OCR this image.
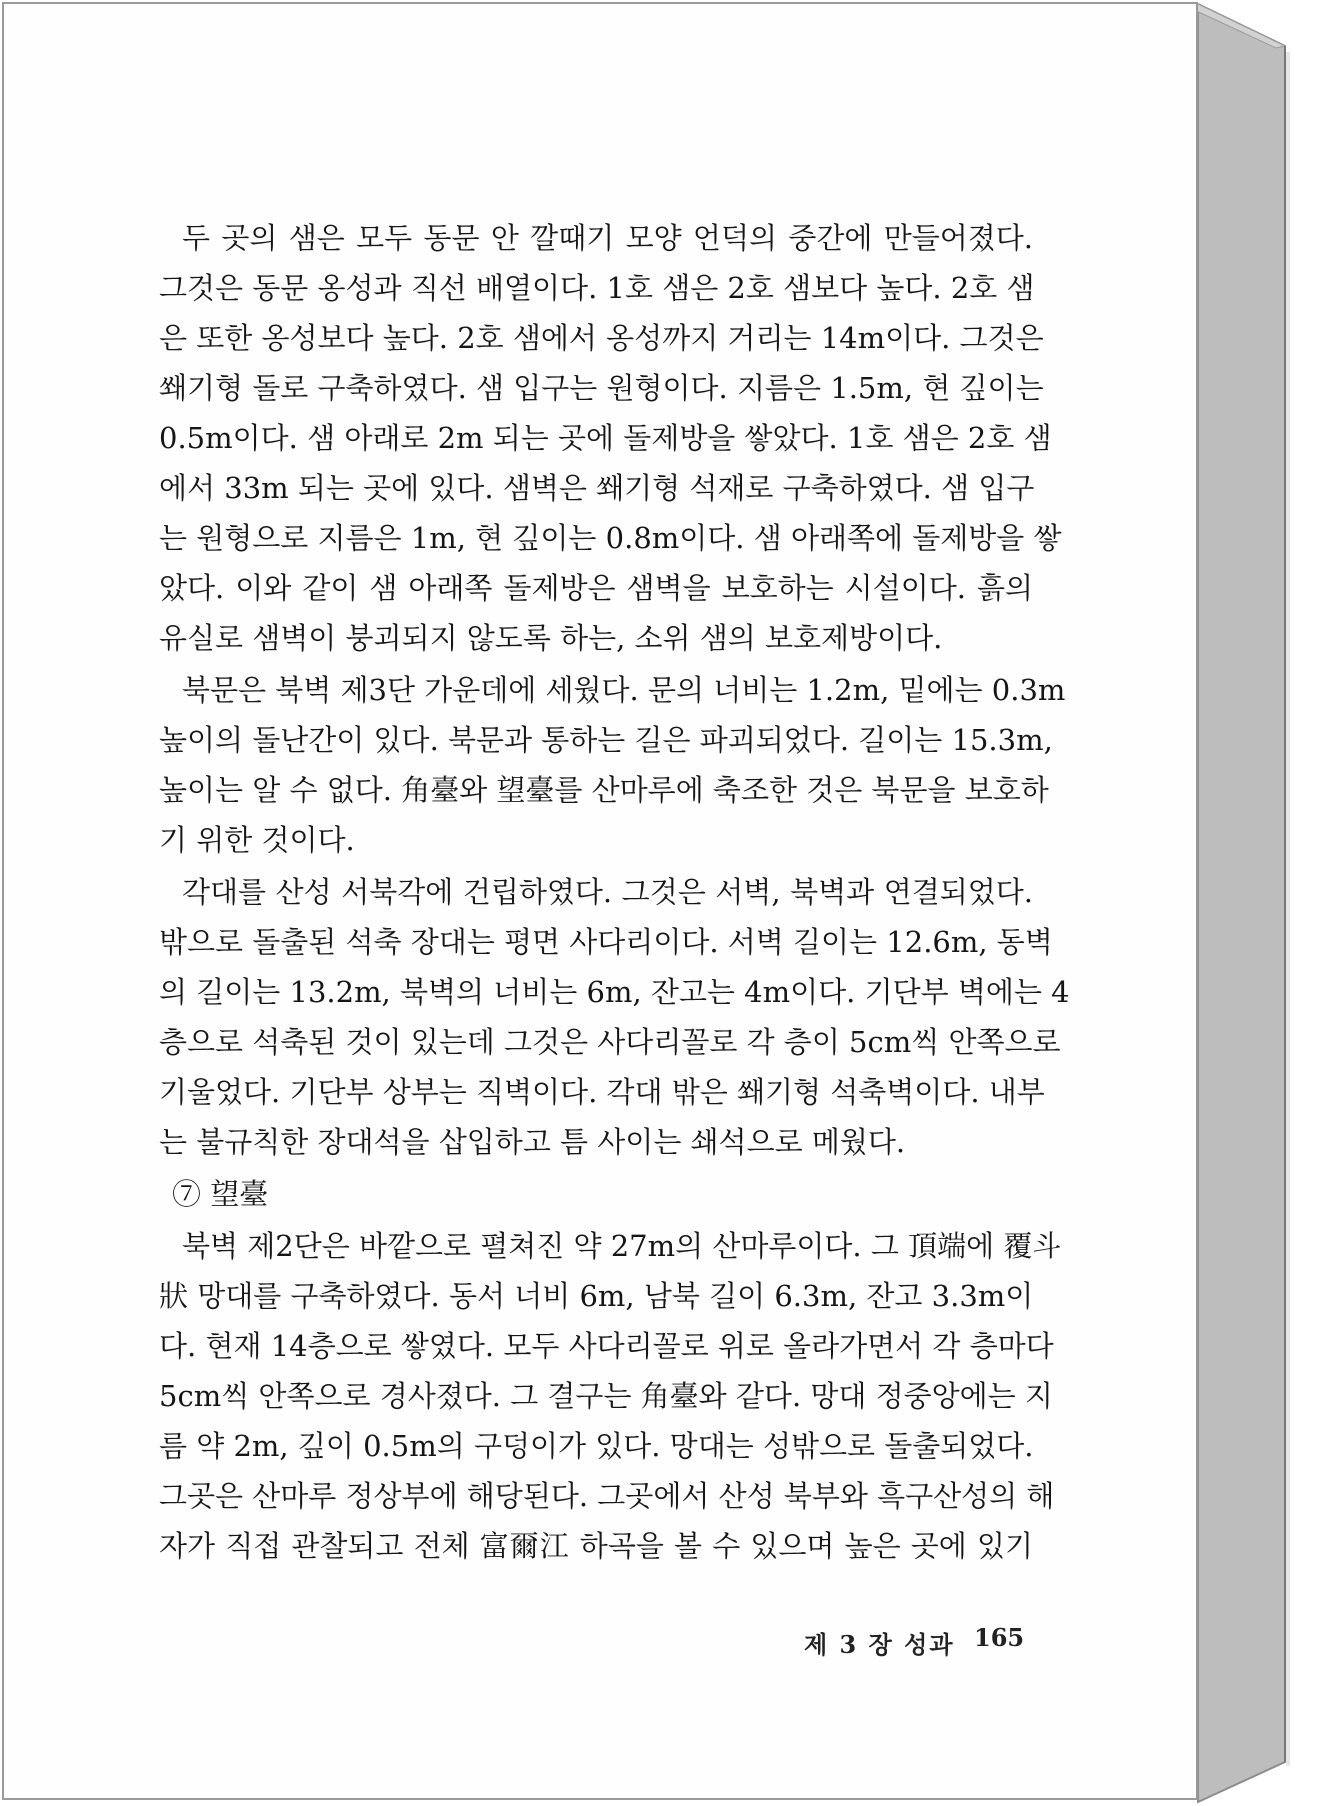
두 곳의 샘은 모두 동문 안 깔때기 모양 언덕의 중간에 만들어졌다.
그것은 동문 옹성과 직선 배열이다. 1호 샘은 2호 샘보다 높다. 2호 샘
은 또한 옹성보다 높다. 2호 샘에서 옹성까지 거리는 14m이다. 그것은
쐐기형 돌로 구축하였다. 샘 입구는 원형이다. 지름은 1.5m, 현 깊이는
0.5m이다. 샘 아래로 2m 되는 곳에 돌제방을 쌓았다. 1호 샘은 2호 샘
에서 33m 되는 곳에 있다. 샘벽은 쐐기형 석재로 구축하였다. 샘 입구
는 원형으로 지름은 1m, 현 깊이는 0.8m이다. 샘 아래쪽에 돌제방을 쌓
았다. 이와 같이 샘 아래쪽 돌제방은 샘벽을 보호하는 시설이다. 흙의
유실로 샘벽이 붕괴되지 않도록 하는, 소위 샘의 보호제방이다.
북문은 북벽 제3단 가운데에 세웠다. 문의 너비는 1.2m, 밑에는 0.3m
높이의 돌난간이 있다. 북문과 통하는 길은 파괴되었다. 길이는 15.3m,
높이는 알 수 없다. 角臺와 望臺를 산마루에 축조한 것은 북문을 보호하
기 위한 것이다.
각대를 산성 서북각에 건립하였다. 그것은 서벽, 북벽과 연결되었다.
밖으로 돌출된 석축 장대는 평면 사다리이다. 서벽 길이는 12.6m, 동벽
의 길이는 13.2m, 북벽의 너비는 6m, 잔고는 4m이다. 기단부 벽에는 4
층으로 석축된 것이 있는데 그것은 사다리꼴로 각 층이 5cm씩 안쪽으로
기울었다. 기단부 상부는 직벽이다. 각대 밖은 쐐기형 석축벽이다. 내부
는 불규칙한 장대석을 삽입하고 틈 사이는 쇄석으로 메웠다.
⑦ 望臺
북벽 제2단은 바깥으로 펼쳐진 약 27m의 산마루이다. 그 頂端에 覆斗
狀 망대를 구축하였다. 동서 너비 6m, 남북 길이 6.3m, 잔고 3.3m이
다. 현재 14층으로 쌓였다. 모두 사다리꼴로 위로 올라가면서 각 층마다
5cm씩 안쪽으로 경사졌다. 그 결구는 角臺와 같다. 망대 정중앙에는 지
름 약 2m, 깊이 0.5m의 구덩이가 있다. 망대는 성밖으로 돌출되었다.
그곳은 산마루 정상부에 해당된다. 그곳에서 산성 북부와 흑구산성의 해
자가 직접 관찰되고 전체 富爾江 하곡을 볼 수 있으며 높은 곳에 있기
제 3 장 성과 165
